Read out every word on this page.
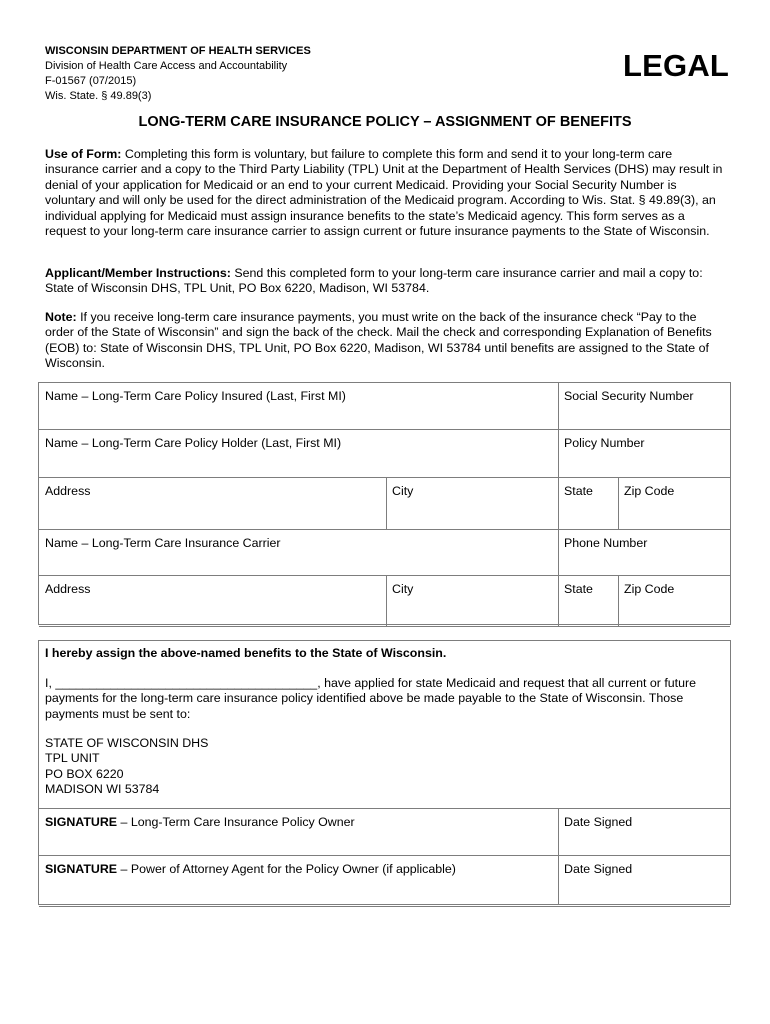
WISCONSIN DEPARTMENT OF HEALTH SERVICES
Division of Health Care Access and Accountability
F-01567 (07/2015)
Wis. State. § 49.89(3)
LEGAL
LONG-TERM CARE INSURANCE POLICY – ASSIGNMENT OF BENEFITS
Use of Form: Completing this form is voluntary, but failure to complete this form and send it to your long-term care insurance carrier and a copy to the Third Party Liability (TPL) Unit at the Department of Health Services (DHS) may result in denial of your application for Medicaid or an end to your current Medicaid. Providing your Social Security Number is voluntary and will only be used for the direct administration of the Medicaid program. According to Wis. Stat. § 49.89(3), an individual applying for Medicaid must assign insurance benefits to the state’s Medicaid agency. This form serves as a request to your long-term care insurance carrier to assign current or future insurance payments to the State of Wisconsin.
Applicant/Member Instructions: Send this completed form to your long-term care insurance carrier and mail a copy to: State of Wisconsin DHS, TPL Unit, PO Box 6220, Madison, WI 53784.
Note: If you receive long-term care insurance payments, you must write on the back of the insurance check “Pay to the order of the State of Wisconsin” and sign the back of the check. Mail the check and corresponding Explanation of Benefits (EOB) to: State of Wisconsin DHS, TPL Unit, PO Box 6220, Madison, WI 53784 until benefits are assigned to the State of Wisconsin.
Name – Long-Term Care Policy Insured (Last, First MI)	Social Security Number
Name – Long-Term Care Policy Holder (Last, First MI)	Policy Number
Address	City	State	Zip Code
Name – Long-Term Care Insurance Carrier	Phone Number
Address	City	State	Zip Code
I hereby assign the above-named benefits to the State of Wisconsin.
I, ______________________________________, have applied for state Medicaid and request that all current or future payments for the long-term care insurance policy identified above be made payable to the State of Wisconsin. Those payments must be sent to:
STATE OF WISCONSIN DHS
TPL UNIT
PO BOX 6220
MADISON WI 53784
SIGNATURE – Long-Term Care Insurance Policy Owner	Date Signed
SIGNATURE – Power of Attorney Agent for the Policy Owner (if applicable)	Date Signed
